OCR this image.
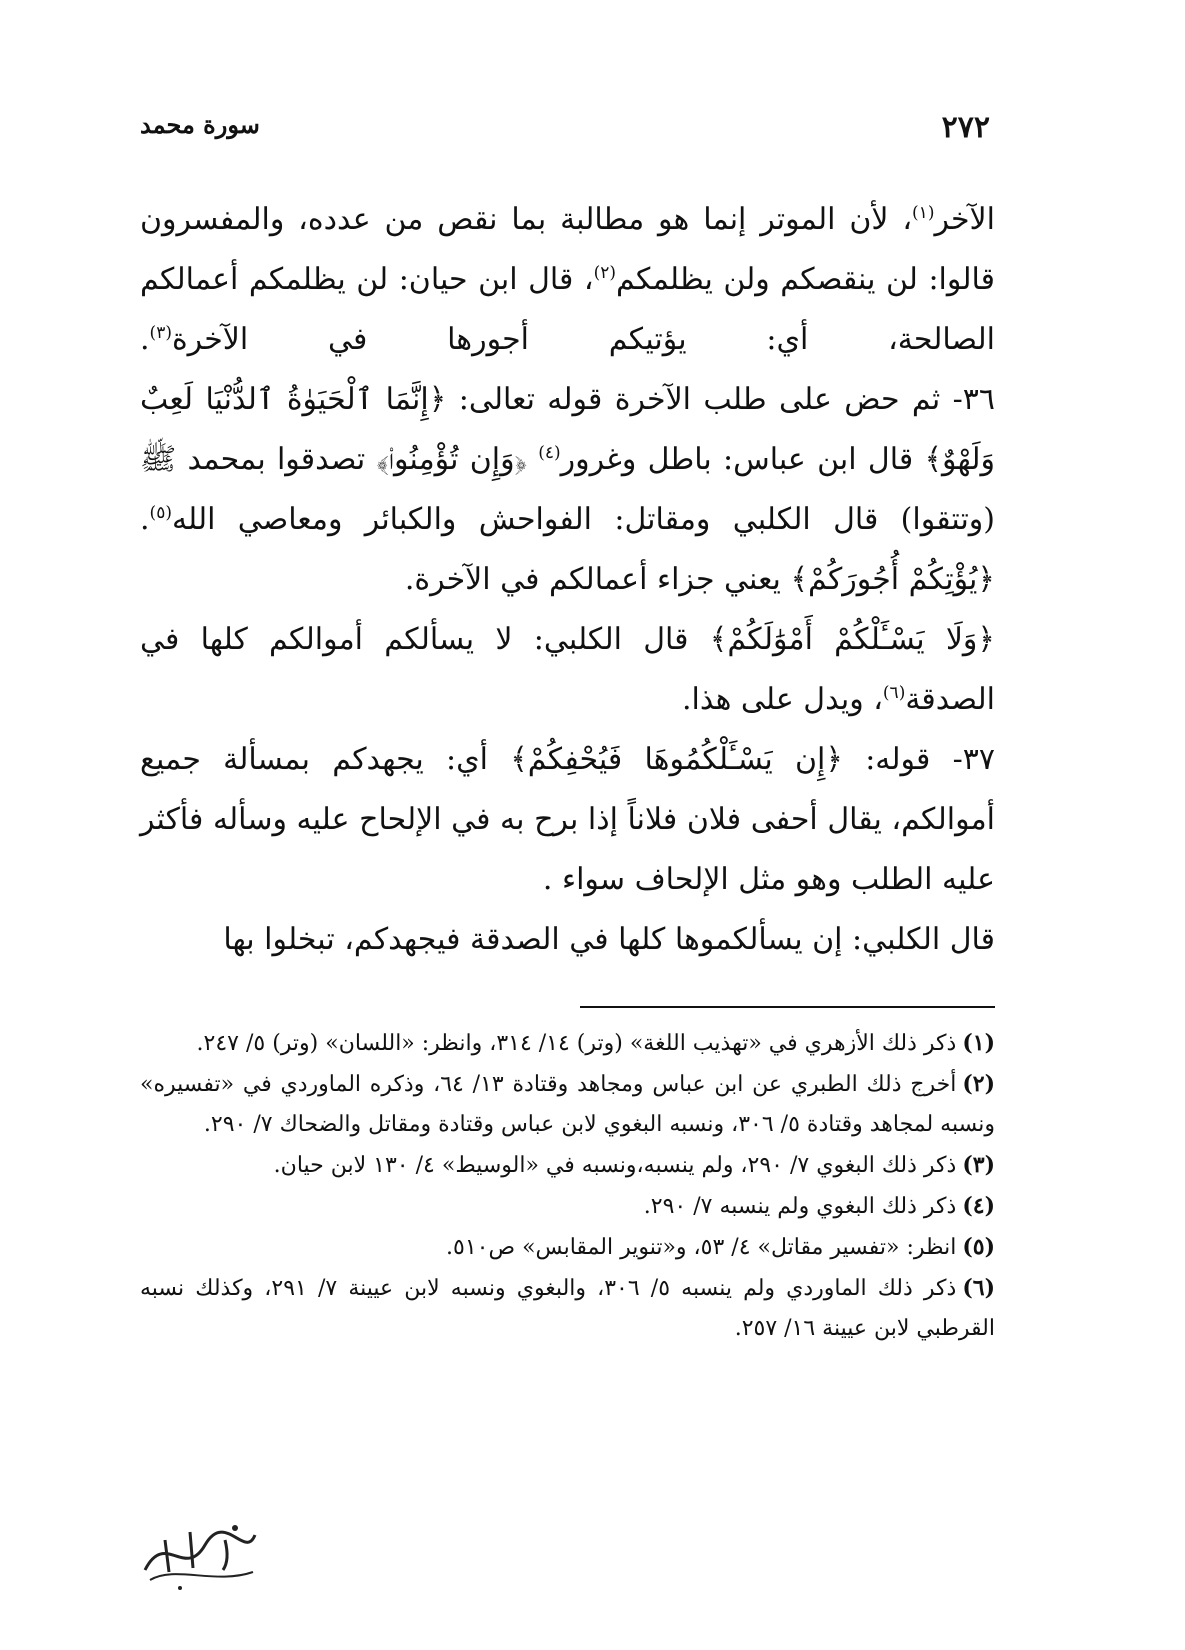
٢٧٢
سورة محمد

الآخر$^{(١)}$، لأن الموتر إنما هو مطالبة بما نقص من عدده، والمفسرون قالوا: لن ينقصكم ولن يظلمكم$^{(٢)}$، قال ابن حيان: لن يظلمكم أعمالكم الصالحة، أي: يؤتيكم أجورها في الآخرة$^{(٣)}$.

٣٦- ثم حض على طلب الآخرة قوله تعالى: ﴿إِنَّمَا ٱلْحَيَوٰةُ ٱلدُّنْيَا لَعِبٌ وَلَهْوٌ﴾ قال ابن عباس: باطل وغرور$^{(٤)}$ ﴿وَإِن تُؤْمِنُوا۟﴾ تصدقوا بمحمد ﷺ (وتتقوا) قال الكلبي ومقاتل: الفواحش والكبائر ومعاصي الله$^{(٥)}$. ﴿يُؤْتِكُمْ أُجُورَكُمْ﴾ يعني جزاء أعمالكم في الآخرة.

﴿وَلَا يَسْـَٔلْكُمْ أَمْوَٰلَكُمْ﴾ قال الكلبي: لا يسألكم أموالكم كلها في الصدقة$^{(٦)}$، ويدل على هذا.

٣٧- قوله: ﴿إِن يَسْـَٔلْكُمُوهَا فَيُحْفِكُمْ﴾ أي: يجهدكم بمسألة جميع أموالكم، يقال أحفى فلان فلاناً إذا برح به في الإلحاح عليه وسأله فأكثر عليه الطلب وهو مثل الإلحاف سواء .

قال الكلبي: إن يسألكموها كلها في الصدقة فيجهدكم، تبخلوا بها

(١)ذكر ذلك الأزهري في «تهذيب اللغة» (وتر) ١٤/ ٣١٤، وانظر: «اللسان» (وتر) ٥/ ٢٤٧.

(٢)أخرج ذلك الطبري عن ابن عباس ومجاهد وقتادة ١٣/ ٦٤، وذكره الماوردي في «تفسيره» ونسبه لمجاهد وقتادة ٥/ ٣٠٦، ونسبه البغوي لابن عباس وقتادة ومقاتل والضحاك ٧/ ٢٩٠.

(٣)ذكر ذلك البغوي ٧/ ٢٩٠، ولم ينسبه،ونسبه في «الوسيط» ٤/ ١٣٠ لابن حيان.

(٤)ذكر ذلك البغوي ولم ينسبه ٧/ ٢٩٠.

(٥)انظر: «تفسير مقاتل» ٤/ ٥٣، و«تنوير المقابس» ص٥١٠.

(٦)ذكر ذلك الماوردي ولم ينسبه ٥/ ٣٠٦، والبغوي ونسبه لابن عيينة ٧/ ٢٩١، وكذلك نسبه القرطبي لابن عيينة ١٦/ ٢٥٧.
